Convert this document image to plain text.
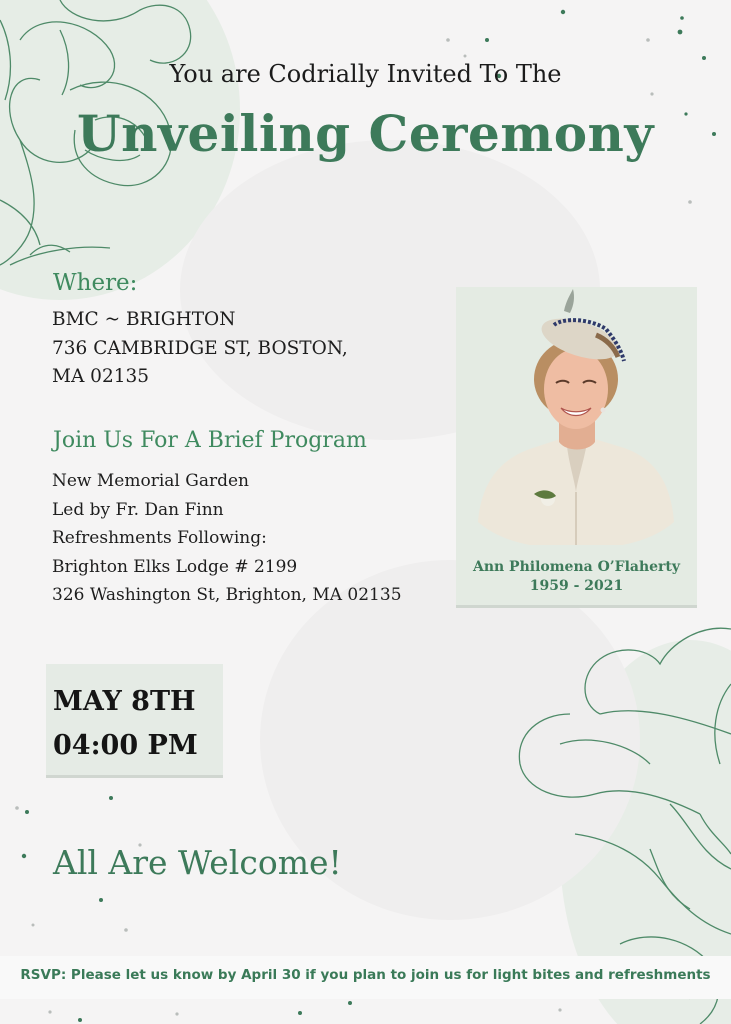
You are Codrially Invited To The
Unveiling Ceremony
Where:
BMC ~ BRIGHTON
736 CAMBRIDGE ST, BOSTON,
MA 02135
Join Us For A Brief Program
New Memorial Garden
Led by Fr. Dan Finn
Refreshments Following:
Brighton Elks Lodge # 2199
326 Washington St, Brighton, MA 02135
MAY 8TH
04:00 PM
All Are Welcome!
Ann Philomena O’Flaherty
1959 - 2021
RSVP: Please let us know by April 30 if you plan to join us for light bites and refreshments
